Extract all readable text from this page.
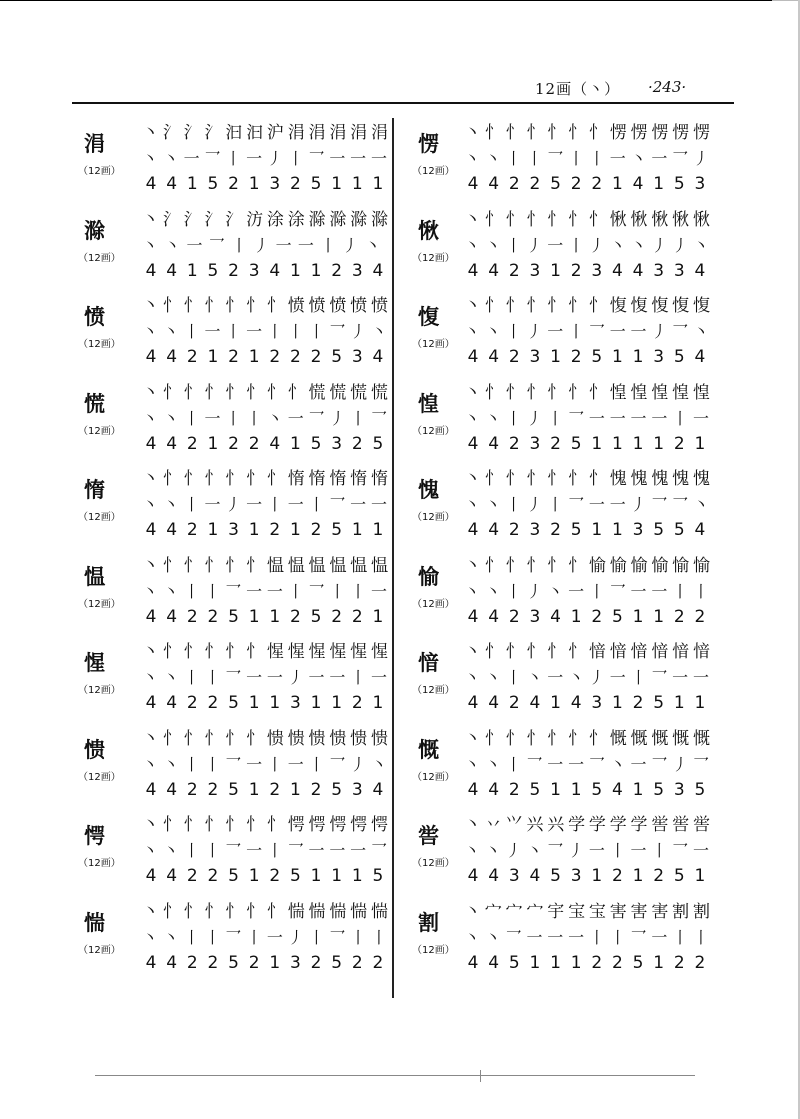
12画（丶） ·243·
涓
（12画）
丶 氵 氵 氵 汩 汩 沪 涓 涓 涓 涓 涓
丶 丶 一 乛 丨 一 丿 丨 乛 一 一 一
4 4 1 5 2 1 3 2 5 1 1 1
滁
（12画）
丶 氵 氵 氵 氵 汸 涂 涂 滁 滁 滁 滁
丶 丶 一 乛 丨 丿 一 一 丨 丿 丶
4 4 1 5 2 3 4 1 1 2 3 4
愤
（12画）
丶 忄 忄 忄 忄 忄 忄 愤 愤 愤 愤 愤
丶 丶 丨 一 丨 一 丨 丨 丨 乛 丿 丶
4 4 2 1 2 1 2 2 2 5 3 4
慌
（12画）
丶 忄 忄 忄 忄 忄 忄 忄 慌 慌 慌 慌
丶 丶 丨 一 丨 丨 丶 一 乛 丿 丨 乛
4 4 2 1 2 2 4 1 5 3 2 5
惰
（12画）
丶 忄 忄 忄 忄 忄 忄 惰 惰 惰 惰 惰
丶 丶 丨 一 丿 一 丨 一 丨 乛 一 一
4 4 2 1 3 1 2 1 2 5 1 1
愠
（12画）
丶 忄 忄 忄 忄 忄 愠 愠 愠 愠 愠 愠
丶 丶 丨 丨 乛 一 一 丨 乛 丨 丨 一
4 4 2 2 5 1 1 2 5 2 2 1
惺
（12画）
丶 忄 忄 忄 忄 忄 惺 惺 惺 惺 惺 惺
丶 丶 丨 丨 乛 一 一 丿 一 一 丨 一
4 4 2 2 5 1 1 3 1 1 2 1
愦
（12画）
丶 忄 忄 忄 忄 忄 愦 愦 愦 愦 愦 愦
丶 丶 丨 丨 乛 一 丨 一 丨 乛 丿 丶
4 4 2 2 5 1 2 1 2 5 3 4
愕
（12画）
丶 忄 忄 忄 忄 忄 忄 愕 愕 愕 愕 愕
丶 丶 丨 丨 乛 一 丨 乛 一 一 一 乛
4 4 2 2 5 1 2 5 1 1 1 5
惴
（12画）
丶 忄 忄 忄 忄 忄 忄 惴 惴 惴 惴 惴
丶 丶 丨 丨 乛 丨 一 丿 丨 乛 丨 丨
4 4 2 2 5 2 1 3 2 5 2 2
愣
（12画）
丶 忄 忄 忄 忄 忄 忄 愣 愣 愣 愣 愣
丶 丶 丨 丨 乛 丨 丨 一 丶 一 乛 丿
4 4 2 2 5 2 2 1 4 1 5 3
愀
（12画）
丶 忄 忄 忄 忄 忄 忄 愀 愀 愀 愀 愀
丶 丶 丨 丿 一 丨 丿 丶 丶 丿 丿 丶
4 4 2 3 1 2 3 4 4 3 3 4
愎
（12画）
丶 忄 忄 忄 忄 忄 忄 愎 愎 愎 愎 愎
丶 丶 丨 丿 一 丨 乛 一 一 丿 乛 丶
4 4 2 3 1 2 5 1 1 3 5 4
惶
（12画）
丶 忄 忄 忄 忄 忄 忄 惶 惶 惶 惶 惶
丶 丶 丨 丿 丨 乛 一 一 一 一 丨 一
4 4 2 3 2 5 1 1 1 1 2 1
愧
（12画）
丶 忄 忄 忄 忄 忄 忄 愧 愧 愧 愧 愧
丶 丶 丨 丿 丨 乛 一 一 丿 乛 乛 丶
4 4 2 3 2 5 1 1 3 5 5 4
愉
（12画）
丶 忄 忄 忄 忄 忄 愉 愉 愉 愉 愉 愉
丶 丶 丨 丿 丶 一 丨 乛 一 一 丨 丨
4 4 2 3 4 1 2 5 1 1 2 2
愔
（12画）
丶 忄 忄 忄 忄 忄 愔 愔 愔 愔 愔 愔
丶 丶 丨 丶 一 丶 丿 一 丨 乛 一 一
4 4 2 4 1 4 3 1 2 5 1 1
慨
（12画）
丶 忄 忄 忄 忄 忄 忄 慨 慨 慨 慨 慨
丶 丶 丨 乛 一 一 乛 丶 一 乛 丿 乛
4 4 2 5 1 1 5 4 1 5 3 5
喾
（12画）
丶 丷 ⺍ 兴 兴 学 学 学 学 喾 喾 喾
丶 丶 丿 丶 乛 丿 一 丨 一 丨 乛 一
4 4 3 4 5 3 1 2 1 2 5 1
割
（12画）
丶 宀 宀 宀 宇 宝 宝 害 害 害 割 割
丶 丶 乛 一 一 一 丨 丨 乛 一 丨 丨
4 4 5 1 1 1 2 2 5 1 2 2
